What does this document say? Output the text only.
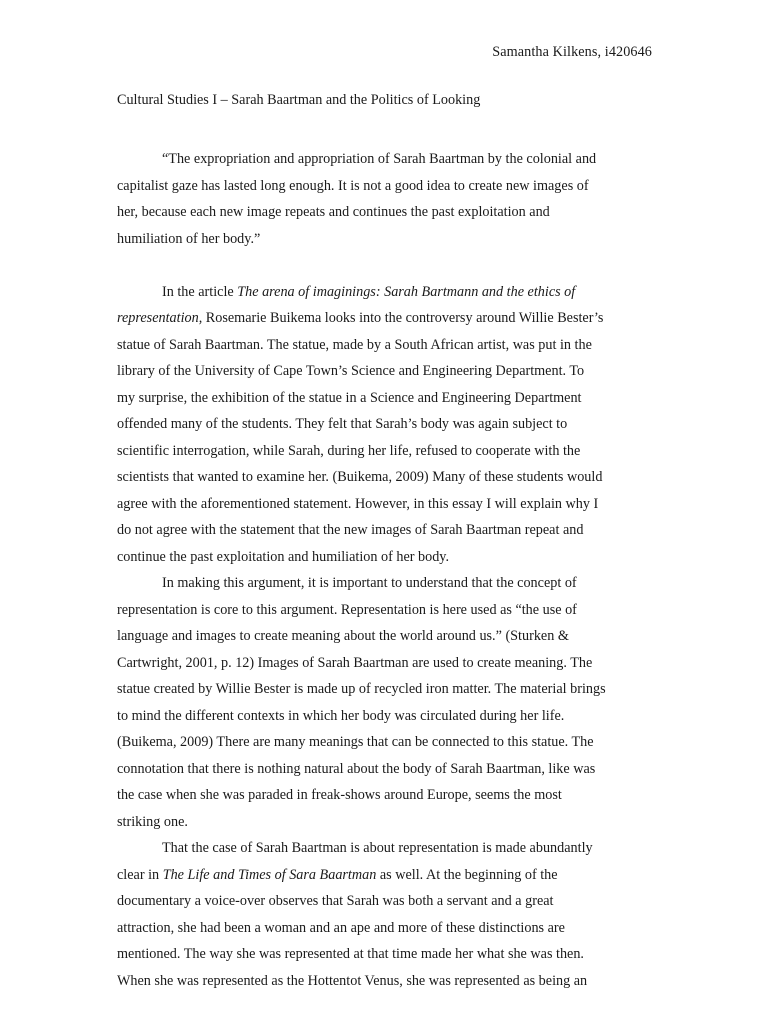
Samantha Kilkens, i420646
Cultural Studies I – Sarah Baartman and the Politics of Looking
“The expropriation and appropriation of Sarah Baartman by the colonial and
capitalist gaze has lasted long enough. It is not a good idea to create new images of
her, because each new image repeats and continues the past exploitation and
humiliation of her body.”
In the article The arena of imaginings: Sarah Bartmann and the ethics of
representation, Rosemarie Buikema looks into the controversy around Willie Bester’s
statue of Sarah Baartman. The statue, made by a South African artist, was put in the
library of the University of Cape Town’s Science and Engineering Department. To
my surprise, the exhibition of the statue in a Science and Engineering Department
offended many of the students. They felt that Sarah’s body was again subject to
scientific interrogation, while Sarah, during her life, refused to cooperate with the
scientists that wanted to examine her. (Buikema, 2009) Many of these students would
agree with the aforementioned statement. However, in this essay I will explain why I
do not agree with the statement that the new images of Sarah Baartman repeat and
continue the past exploitation and humiliation of her body.
In making this argument, it is important to understand that the concept of
representation is core to this argument. Representation is here used as “the use of
language and images to create meaning about the world around us.” (Sturken &
Cartwright, 2001, p. 12) Images of Sarah Baartman are used to create meaning. The
statue created by Willie Bester is made up of recycled iron matter. The material brings
to mind the different contexts in which her body was circulated during her life.
(Buikema, 2009) There are many meanings that can be connected to this statue. The
connotation that there is nothing natural about the body of Sarah Baartman, like was
the case when she was paraded in freak-shows around Europe, seems the most
striking one.
That the case of Sarah Baartman is about representation is made abundantly
clear in The Life and Times of Sara Baartman as well. At the beginning of the
documentary a voice-over observes that Sarah was both a servant and a great
attraction, she had been a woman and an ape and more of these distinctions are
mentioned. The way she was represented at that time made her what she was then.
When she was represented as the Hottentot Venus, she was represented as being an
